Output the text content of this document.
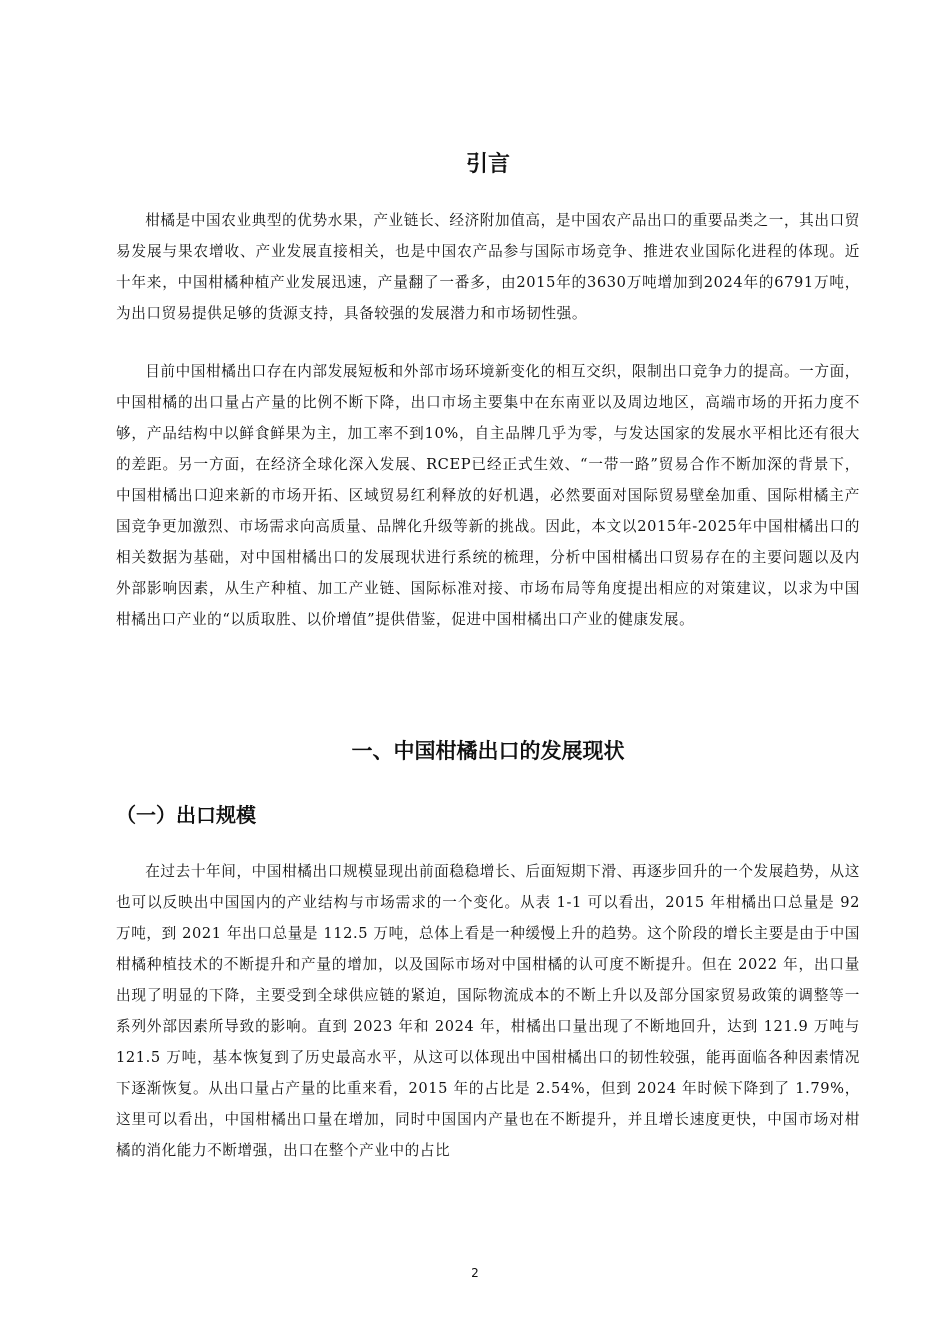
引言

柑橘是中国农业典型的优势水果，产业链长、经济附加值高，是中国农产品出口的重要品类之一，其出口贸易发展与果农增收、产业发展直接相关，也是中国农产品参与国际市场竞争、推进农业国际化进程的体现。近十年来，中国柑橘种植产业发展迅速，产量翻了一番多，由2015年的3630万吨增加到2024年的6791万吨，为出口贸易提供足够的货源支持，具备较强的发展潜力和市场韧性强。

目前中国柑橘出口存在内部发展短板和外部市场环境新变化的相互交织，限制出口竞争力的提高。一方面，中国柑橘的出口量占产量的比例不断下降，出口市场主要集中在东南亚以及周边地区，高端市场的开拓力度不够，产品结构中以鲜食鲜果为主，加工率不到10%，自主品牌几乎为零，与发达国家的发展水平相比还有很大的差距。另一方面，在经济全球化深入发展、RCEP已经正式生效、“一带一路”贸易合作不断加深的背景下，中国柑橘出口迎来新的市场开拓、区域贸易红利释放的好机遇，必然要面对国际贸易壁垒加重、国际柑橘主产国竞争更加激烈、市场需求向高质量、品牌化升级等新的挑战。因此，本文以2015年-2025年中国柑橘出口的相关数据为基础，对中国柑橘出口的发展现状进行系统的梳理，分析中国柑橘出口贸易存在的主要问题以及内外部影响因素，从生产种植、加工产业链、国际标准对接、市场布局等角度提出相应的对策建议，以求为中国柑橘出口产业的“以质取胜、以价增值”提供借鉴，促进中国柑橘出口产业的健康发展。

一、中国柑橘出口的发展现状
（一）出口规模

在过去十年间，中国柑橘出口规模显现出前面稳稳增长、后面短期下滑、再逐步回升的一个发展趋势，从这也可以反映出中国国内的产业结构与市场需求的一个变化。从表 1-1 可以看出，2015 年柑橘出口总量是 92 万吨，到 2021 年出口总量是 112.5 万吨，总体上看是一种缓慢上升的趋势。这个阶段的增长主要是由于中国柑橘种植技术的不断提升和产量的增加，以及国际市场对中国柑橘的认可度不断提升。但在 2022 年，出口量出现了明显的下降，主要受到全球供应链的紧迫，国际物流成本的不断上升以及部分国家贸易政策的调整等一系列外部因素所导致的影响。直到 2023 年和 2024 年，柑橘出口量出现了不断地回升，达到 121.9 万吨与 121.5 万吨，基本恢复到了历史最高水平，从这可以体现出中国柑橘出口的韧性较强，能再面临各种因素情况下逐渐恢复。从出口量占产量的比重来看，2015 年的占比是 2.54%，但到 2024 年时候下降到了 1.79%，这里可以看出，中国柑橘出口量在增加，同时中国国内产量也在不断提升，并且增长速度更快，中国市场对柑橘的消化能力不断增强，出口在整个产业中的占比

2
